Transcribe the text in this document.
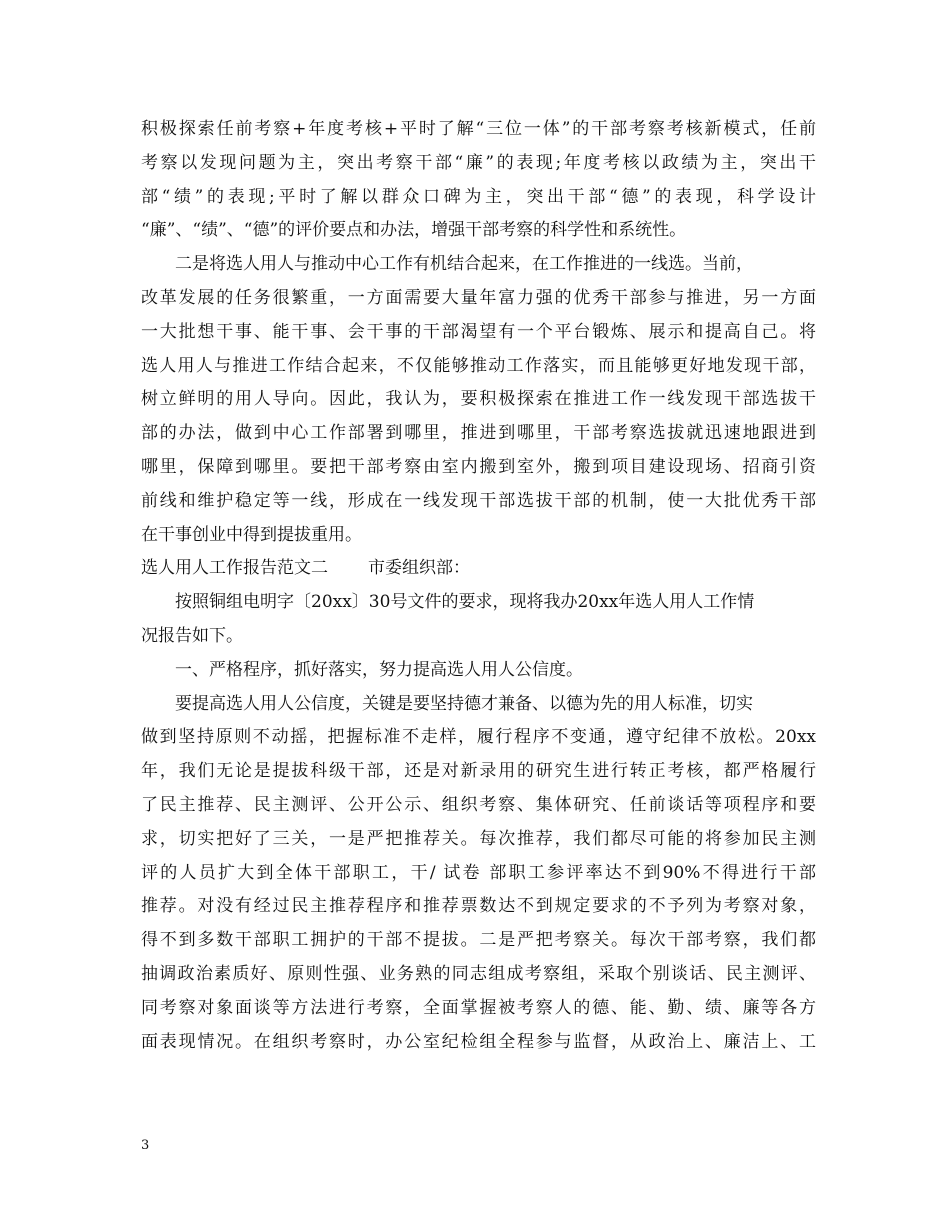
积极探索任前考察+年度考核+平时了解“三位一体”的干部考察考核新模式，任前
考察以发现问题为主，突出考察干部“廉”的表现;年度考核以政绩为主，突出干
部“绩”的表现;平时了解以群众口碑为主，突出干部“德”的表现，科学设计
“廉”、“绩”、“德”的评价要点和办法，增强干部考察的科学性和系统性。
二是将选人用人与推动中心工作有机结合起来，在工作推进的一线选。当前，
改革发展的任务很繁重，一方面需要大量年富力强的优秀干部参与推进，另一方面
一大批想干事、能干事、会干事的干部渴望有一个平台锻炼、展示和提高自己。将
选人用人与推进工作结合起来，不仅能够推动工作落实，而且能够更好地发现干部，
树立鲜明的用人导向。因此，我认为，要积极探索在推进工作一线发现干部选拔干
部的办法，做到中心工作部署到哪里，推进到哪里，干部考察选拔就迅速地跟进到
哪里，保障到哪里。要把干部考察由室内搬到室外，搬到项目建设现场、招商引资
前线和维护稳定等一线，形成在一线发现干部选拔干部的机制，使一大批优秀干部
在干事创业中得到提拔重用。
选人用人工作报告范文二 市委组织部：
按照铜组电明字〔20xx〕30号文件的要求，现将我办20xx年选人用人工作情
况报告如下。
一、严格程序，抓好落实，努力提高选人用人公信度。
要提高选人用人公信度，关键是要坚持德才兼备、以德为先的用人标准，切实
做到坚持原则不动摇，把握标准不走样，履行程序不变通，遵守纪律不放松。20xx
年，我们无论是提拔科级干部，还是对新录用的研究生进行转正考核，都严格履行
了民主推荐、民主测评、公开公示、组织考察、集体研究、任前谈话等项程序和要
求，切实把好了三关，一是严把推荐关。每次推荐，我们都尽可能的将参加民主测
评的人员扩大到全体干部职工，干/ 试卷 部职工参评率达不到90%不得进行干部
推荐。对没有经过民主推荐程序和推荐票数达不到规定要求的不予列为考察对象，
得不到多数干部职工拥护的干部不提拔。二是严把考察关。每次干部考察，我们都
抽调政治素质好、原则性强、业务熟的同志组成考察组，采取个别谈话、民主测评、
同考察对象面谈等方法进行考察，全面掌握被考察人的德、能、勤、绩、廉等各方
面表现情况。在组织考察时，办公室纪检组全程参与监督，从政治上、廉洁上、工
3
